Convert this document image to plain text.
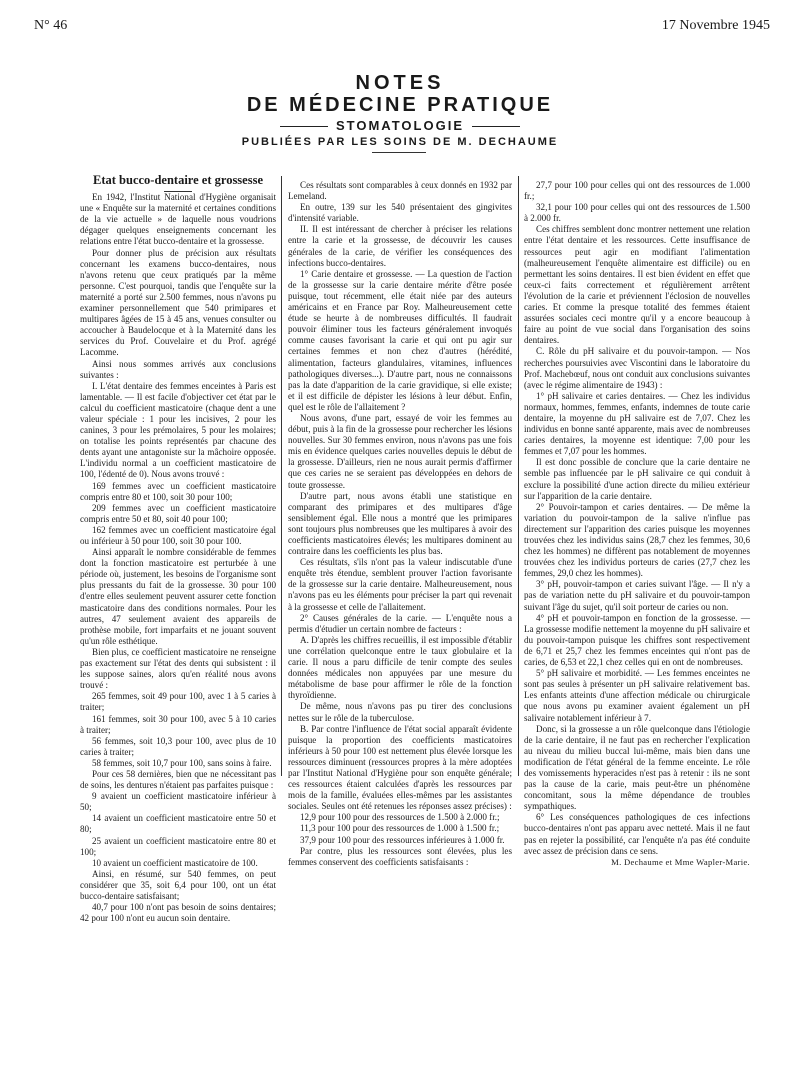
N° 46	17 Novembre 1945
NOTES
DE MÉDECINE PRATIQUE
STOMATOLOGIE
PUBLIÉES PAR LES SOINS DE M. DECHAUME

Etat bucco-dentaire et grossesse

En 1942, l'Institut National d'Hygiène organisait une « Enquête sur la maternité et certaines conditions de la vie actuelle » de laquelle nous voudrions dégager quelques enseignements concernant les relations entre l'état bucco-dentaire et la grossesse.

Pour donner plus de précision aux résultats concernant les examens bucco-dentaires, nous n'avons retenu que ceux pratiqués par la même personne. C'est pourquoi, tandis que l'enquête sur la maternité a porté sur 2.500 femmes, nous n'avons pu examiner personnellement que 540 primipares et multipares âgées de 15 à 45 ans, venues consulter ou accoucher à Baudelocque et à la Maternité dans les services du Prof. Couvelaire et du Prof. agrégé Lacomme.

Ainsi nous sommes arrivés aux conclusions suivantes :

I. L'état dentaire des femmes enceintes à Paris est lamentable. — Il est facile d'objectiver cet état par le calcul du coefficient masticatoire (chaque dent a une valeur spéciale : 1 pour les incisives, 2 pour les canines, 3 pour les prémolaires, 5 pour les molaires; on totalise les points représentés par chacune des dents ayant une antagoniste sur la mâchoire opposée. L'individu normal a un coefficient masticatoire de 100, l'édenté de 0). Nous avons trouvé :

169 femmes avec un coefficient masticatoire compris entre 80 et 100, soit 30 pour 100;

209 femmes avec un coefficient masticatoire compris entre 50 et 80, soit 40 pour 100;

162 femmes avec un coefficient masticatoire égal ou inférieur à 50 pour 100, soit 30 pour 100.

Ainsi apparaît le nombre considérable de femmes dont la fonction masticatoire est perturbée à une période où, justement, les besoins de l'organisme sont plus pressants du fait de la grossesse. 30 pour 100 d'entre elles seulement peuvent assurer cette fonction masticatoire dans des conditions normales. Pour les autres, 47 seulement avaient des appareils de prothèse mobile, fort imparfaits et ne jouant souvent qu'un rôle esthétique.

Bien plus, ce coefficient masticatoire ne renseigne pas exactement sur l'état des dents qui subsistent : il les suppose saines, alors qu'en réalité nous avons trouvé :

265 femmes, soit 49 pour 100, avec 1 à 5 caries à traiter;

161 femmes, soit 30 pour 100, avec 5 à 10 caries à traiter;

56 femmes, soit 10,3 pour 100, avec plus de 10 caries à traiter;

58 femmes, soit 10,7 pour 100, sans soins à faire.

Pour ces 58 dernières, bien que ne nécessitant pas de soins, les dentures n'étaient pas parfaites puisque :

9 avaient un coefficient masticatoire inférieur à 50;

14 avaient un coefficient masticatoire entre 50 et 80;

25 avaient un coefficient masticatoire entre 80 et 100;

10 avaient un coefficient masticatoire de 100.

Ainsi, en résumé, sur 540 femmes, on peut considérer que 35, soit 6,4 pour 100, ont un état bucco-dentaire satisfaisant;

40,7 pour 100 n'ont pas besoin de soins dentaires; 42 pour 100 n'ont eu aucun soin dentaire.

Ces résultats sont comparables à ceux donnés en 1932 par Lemeland.

En outre, 139 sur les 540 présentaient des gingivites d'intensité variable.

II. Il est intéressant de chercher à préciser les relations entre la carie et la grossesse, de découvrir les causes générales de la carie, de vérifier les conséquences des infections bucco-dentaires.

1° Carie dentaire et grossesse. — La question de l'action de la grossesse sur la carie dentaire mérite d'être posée puisque, tout récemment, elle était niée par des auteurs américains et en France par Roy. Malheureusement cette étude se heurte à de nombreuses difficultés. Il faudrait pouvoir éliminer tous les facteurs généralement invoqués comme causes favorisant la carie et qui ont pu agir sur certaines femmes et non chez d'autres (hérédité, alimentation, facteurs glandulaires, vitamines, influences pathologiques diverses...). D'autre part, nous ne connaissons pas la date d'apparition de la carie gravidique, si elle existe; et il est difficile de dépister les lésions à leur début. Enfin, quel est le rôle de l'allaitement ?

Nous avons, d'une part, essayé de voir les femmes au début, puis à la fin de la grossesse pour rechercher les lésions nouvelles. Sur 30 femmes environ, nous n'avons pas une fois mis en évidence quelques caries nouvelles depuis le début de la grossesse. D'ailleurs, rien ne nous aurait permis d'affirmer que ces caries ne se seraient pas développées en dehors de toute grossesse.

D'autre part, nous avons établi une statistique en comparant des primipares et des multipares d'âge sensiblement égal. Elle nous a montré que les primipares sont toujours plus nombreuses que les multipares à avoir des coefficients masticatoires élevés; les multipares dominent au contraire dans les coefficients les plus bas.

Ces résultats, s'ils n'ont pas la valeur indiscutable d'une enquête très étendue, semblent prouver l'action favorisante de la grossesse sur la carie dentaire. Malheureusement, nous n'avons pas eu les éléments pour préciser la part qui revenait à la grossesse et celle de l'allaitement.

2° Causes générales de la carie. — L'enquête nous a permis d'étudier un certain nombre de facteurs :

A. D'après les chiffres recueillis, il est impossible d'établir une corrélation quelconque entre le taux globulaire et la carie. Il nous a paru difficile de tenir compte des seules données médicales non appuyées par une mesure du métabolisme de base pour affirmer le rôle de la fonction thyroïdienne.

De même, nous n'avons pas pu tirer des conclusions nettes sur le rôle de la tuberculose.

B. Par contre l'influence de l'état social apparaît évidente puisque la proportion des coefficients masticatoires inférieurs à 50 pour 100 est nettement plus élevée lorsque les ressources diminuent (ressources propres à la mère adoptées par l'Institut National d'Hygiène pour son enquête générale; ces ressources étaient calculées d'après les ressources par mois de la famille, évaluées elles-mêmes par les assistantes sociales. Seules ont été retenues les réponses assez précises) :

12,9 pour 100 pour des ressources de 1.500 à 2.000 fr.;

11,3 pour 100 pour des ressources de 1.000 à 1.500 fr.;

37,9 pour 100 pour des ressources inférieures à 1.000 fr.

Par contre, plus les ressources sont élevées, plus les femmes conservent des coefficients satisfaisants :

27,7 pour 100 pour celles qui ont des ressources de 1.000 fr.;

32,1 pour 100 pour celles qui ont des ressources de 1.500 à 2.000 fr.

Ces chiffres semblent donc montrer nettement une relation entre l'état dentaire et les ressources. Cette insuffisance de ressources peut agir en modifiant l'alimentation (malheureusement l'enquête alimentaire est difficile) ou en permettant les soins dentaires. Il est bien évident en effet que ceux-ci faits correctement et régulièrement arrêtent l'évolution de la carie et préviennent l'éclosion de nouvelles caries. Et comme la presque totalité des femmes étaient assurées sociales ceci montre qu'il y a encore beaucoup à faire au point de vue social dans l'organisation des soins dentaires.

C. Rôle du pH salivaire et du pouvoir-tampon. — Nos recherches poursuivies avec Viscontini dans le laboratoire du Prof. Machebœuf, nous ont conduit aux conclusions suivantes (avec le régime alimentaire de 1943) :

1° pH salivaire et caries dentaires. — Chez les individus normaux, hommes, femmes, enfants, indemnes de toute carie dentaire, la moyenne du pH salivaire est de 7,07. Chez les individus en bonne santé apparente, mais avec de nombreuses caries dentaires, la moyenne est identique: 7,00 pour les femmes et 7,07 pour les hommes.

Il est donc possible de conclure que la carie dentaire ne semble pas influencée par le pH salivaire ce qui conduit à exclure la possibilité d'une action directe du milieu extérieur sur l'apparition de la carie dentaire.

2° Pouvoir-tampon et caries dentaires. — De même la variation du pouvoir-tampon de la salive n'influe pas directement sur l'apparition des caries puisque les moyennes trouvées chez les individus sains (28,7 chez les femmes, 30,6 chez les hommes) ne diffèrent pas notablement de moyennes trouvées chez les individus porteurs de caries (27,7 chez les femmes, 29,0 chez les hommes).

3° pH, pouvoir-tampon et caries suivant l'âge. — Il n'y a pas de variation nette du pH salivaire et du pouvoir-tampon suivant l'âge du sujet, qu'il soit porteur de caries ou non.

4° pH et pouvoir-tampon en fonction de la grossesse. — La grossesse modifie nettement la moyenne du pH salivaire et du pouvoir-tampon puisque les chiffres sont respectivement de 6,71 et 25,7 chez les femmes enceintes qui n'ont pas de caries, de 6,53 et 22,1 chez celles qui en ont de nombreuses.

5° pH salivaire et morbidité. — Les femmes enceintes ne sont pas seules à présenter un pH salivaire relativement bas. Les enfants atteints d'une affection médicale ou chirurgicale que nous avons pu examiner avaient également un pH salivaire notablement inférieur à 7.

Donc, si la grossesse a un rôle quelconque dans l'étiologie de la carie dentaire, il ne faut pas en rechercher l'explication au niveau du milieu buccal lui-même, mais bien dans une modification de l'état général de la femme enceinte. Le rôle des vomissements hyperacides n'est pas à retenir : ils ne sont pas la cause de la carie, mais peut-être un phénomène concomitant, sous la même dépendance de troubles sympathiques.

6° Les conséquences pathologiques de ces infections bucco-dentaires n'ont pas apparu avec netteté. Mais il ne faut pas en rejeter la possibilité, car l'enquête n'a pas été conduite avec assez de précision dans ce sens.

M. Dechaume et Mme Wapler-Marie.
